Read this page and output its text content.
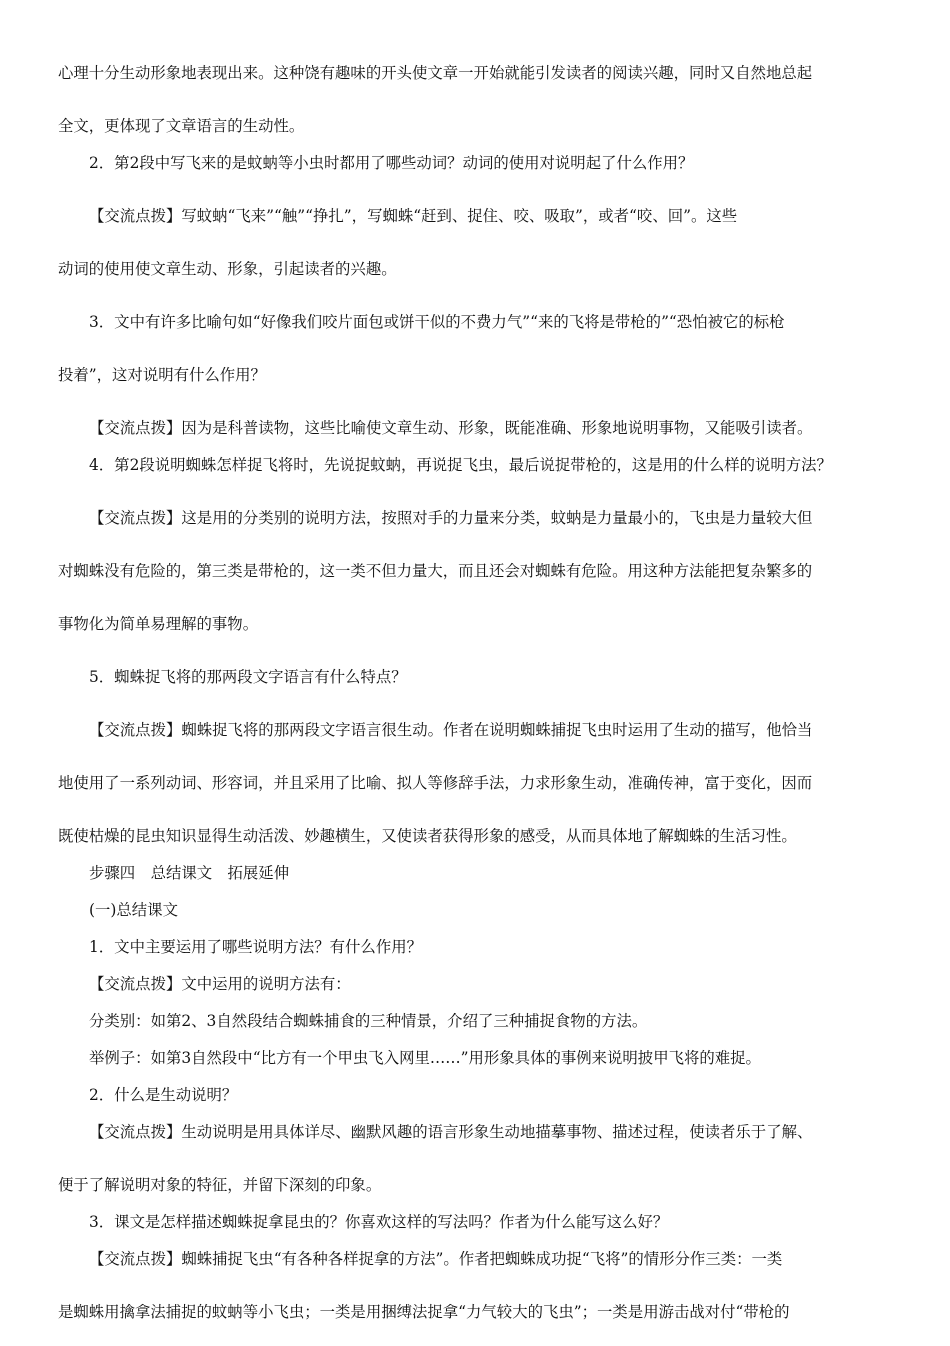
心理十分生动形象地表现出来。这种饶有趣味的开头使文章一开始就能引发读者的阅读兴趣，同时又自然地总起
全文，更体现了文章语言的生动性。
2．第2段中写飞来的是蚊蚋等小虫时都用了哪些动词？动词的使用对说明起了什么作用？
【交流点拨】写蚊蚋“飞来”“触”“挣扎”，写蜘蛛“赶到、捉住、咬、吸取”，或者“咬、回”。这些
动词的使用使文章生动、形象，引起读者的兴趣。
3．文中有许多比喻句如“好像我们咬片面包或饼干似的不费力气”“来的飞将是带枪的”“恐怕被它的标枪
投着”，这对说明有什么作用？
【交流点拨】因为是科普读物，这些比喻使文章生动、形象，既能准确、形象地说明事物，又能吸引读者。
4．第2段说明蜘蛛怎样捉飞将时，先说捉蚊蚋，再说捉飞虫，最后说捉带枪的，这是用的什么样的说明方法？
【交流点拨】这是用的分类别的说明方法，按照对手的力量来分类，蚊蚋是力量最小的，飞虫是力量较大但
对蜘蛛没有危险的，第三类是带枪的，这一类不但力量大，而且还会对蜘蛛有危险。用这种方法能把复杂繁多的
事物化为简单易理解的事物。
5．蜘蛛捉飞将的那两段文字语言有什么特点？
【交流点拨】蜘蛛捉飞将的那两段文字语言很生动。作者在说明蜘蛛捕捉飞虫时运用了生动的描写，他恰当
地使用了一系列动词、形容词，并且采用了比喻、拟人等修辞手法，力求形象生动，准确传神，富于变化，因而
既使枯燥的昆虫知识显得生动活泼、妙趣横生，又使读者获得形象的感受，从而具体地了解蜘蛛的生活习性。
步骤四　总结课文　拓展延伸
(一)总结课文
1．文中主要运用了哪些说明方法？有什么作用？
【交流点拨】文中运用的说明方法有：
分类别：如第2、3自然段结合蜘蛛捕食的三种情景，介绍了三种捕捉食物的方法。
举例子：如第3自然段中“比方有一个甲虫飞入网里……”用形象具体的事例来说明披甲飞将的难捉。
2．什么是生动说明？
【交流点拨】生动说明是用具体详尽、幽默风趣的语言形象生动地描摹事物、描述过程，使读者乐于了解、
便于了解说明对象的特征，并留下深刻的印象。
3．课文是怎样描述蜘蛛捉拿昆虫的？你喜欢这样的写法吗？作者为什么能写这么好？
【交流点拨】蜘蛛捕捉飞虫“有各种各样捉拿的方法”。作者把蜘蛛成功捉“飞将”的情形分作三类：一类
是蜘蛛用擒拿法捕捉的蚊蚋等小飞虫；一类是用捆缚法捉拿“力气较大的飞虫”；一类是用游击战对付“带枪的
